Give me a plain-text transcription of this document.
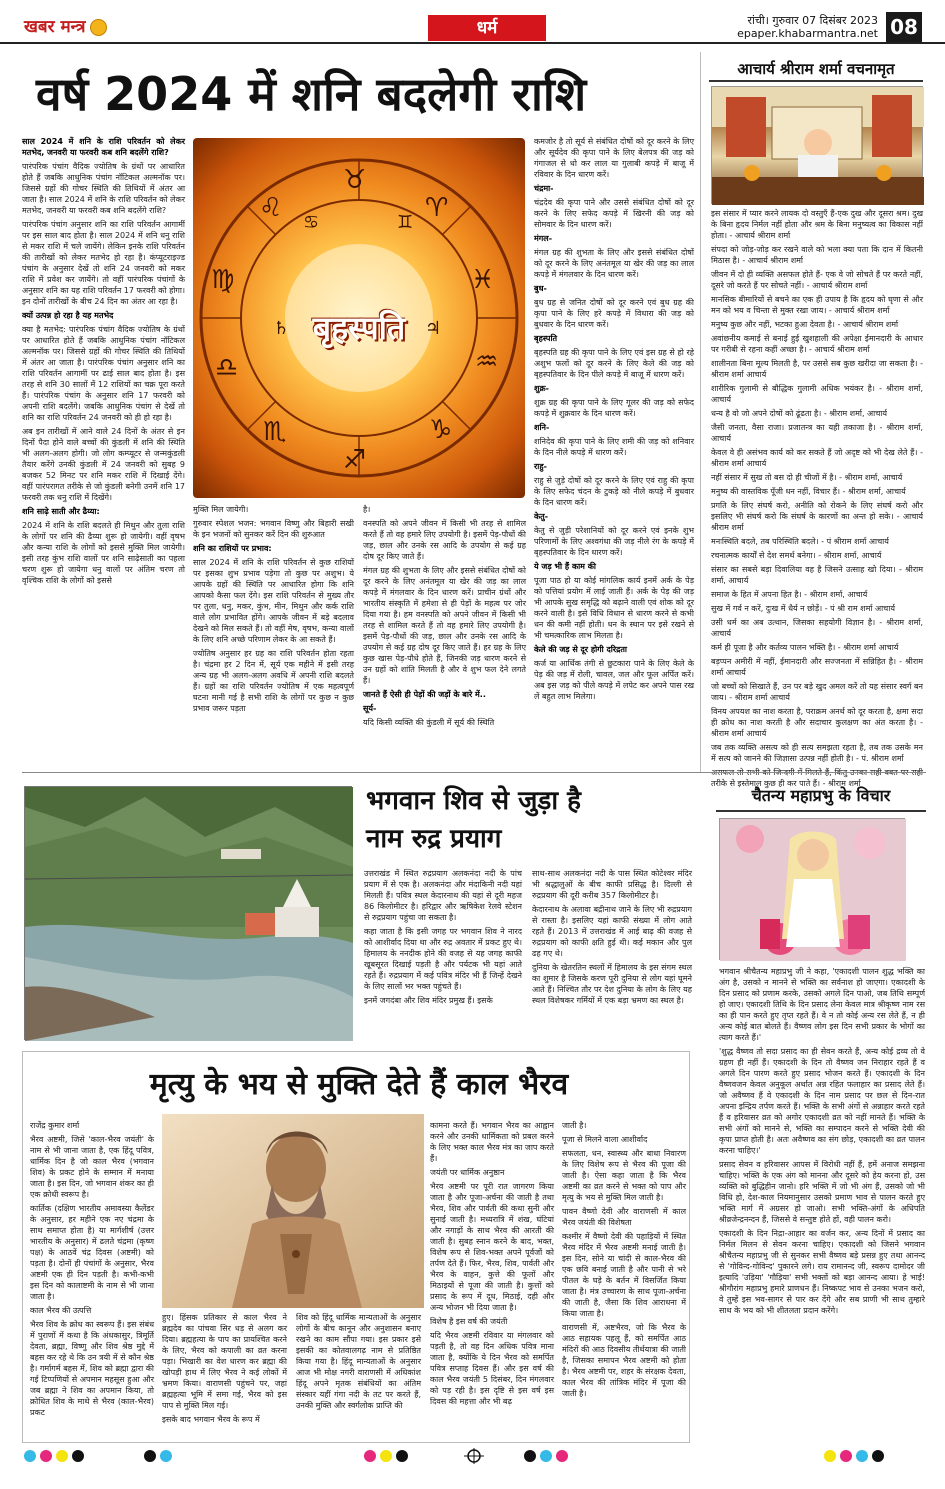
खबर मन्त्र	धर्म	रांची। गुरुवार 07 दिसंबर 2023
epaper.khabarmantra.net 08
वर्ष 2024 में शनि बदलेगी राशि

साल 2024 में शनि के राशि परिवर्तन को लेकर मतभेद, जनवरी या फरवरी कब शनि बदलेंगे राशि?

पारंपरिक पंचांग वैदिक ज्योतिष के ग्रंथों पर आधारित होते हैं जबकि आधुनिक पंचांग नॉटिकल अल्मनॉक पर। जिससे ग्रहों की गोचर स्थिति की तिथियों में अंतर आ जाता है। साल 2024 में शनि के राशि परिवर्तन को लेकर मतभेद, जनवरी या फरवरी कब शनि बदलेंगे राशि?

पारंपरिक पंचांग अनुसार शनि का राशि परिवर्तन आगामीं पर इस साल बाद होता है। साल 2024 में शनि धनु राशि से मकर राशि में चले जायेंगे। लेकिन इनके राशि परिवर्तन की तारीखों को लेकर मतभेद हो रहा है। कंप्यूटराइज्ड पंचांग के अनुसार देखें तो शनि 24 जनवरी को मकर राशि में प्रवेश कर जायेंगे। तो वहीं पारंपरिक पंचांगों के अनुसार शनि का यह राशि परिवर्तन 17 फरवरी को होगा। इन दोनों तारीखों के बीच 24 दिन का अंतर आ रहा है।

क्यों उत्पन्न हो रहा है यह मतभेद

क्या है मतभेद: पारंपरिक पंचांग वैदिक ज्योतिष के ग्रंथों पर आधारित होते हैं जबकि आधुनिक पंचांग नॉटिकल अल्मनॉक पर। जिससे ग्रहों की गोचर स्थिति की तिथियों में अंतर आ जाता है। पारंपरिक पंचांग अनुसार शनि का राशि परिवर्तन आगामीं पर ढाई साल बाद होता है। इस तरह से शनि 30 सालों में 12 राशियों का चक्र पूरा करते हैं। पारंपरिक पंचांग के अनुसार शनि 17 फरवरी को अपनी राशि बदलेंगे। जबकि आधुनिक पंचांग से देखें तो शनि का राशि परिवर्तन 24 जनवरी को ही हो रहा है।

अब इन तारीखों में आने वाले 24 दिनों के अंतर से इन दिनों पैदा होने वाले बच्चों की कुंडली में शनि की स्थिति भी अलग-अलग होगी। जो लोग कम्प्यूटर से जन्मकुंडली तैयार करेंगे उनकी कुंडली में 24 जनवरी को सुबह 9 बजकर 52 मिनट पर शनि मकर राशि में दिखाई देंगे। वहीं पारंपरागत तरीके से जो कुंडली बनेगी उनमें शनि 17 फरवरी तक धनु राशि में दिखेंगे।

शनि साढ़े साती और ढैय्या:

2024 में शनि के राशि बदलते ही मिथुन और तुला राशि के लोगों पर शनि की ढैय्या शुरू हो जायेगी। वहीं वृषभ और कन्या राशि के लोगों को इससे मुक्ति मिल जायेगी। इसी तरह कुंभ राशि वालों पर शनि साढ़ेसाती का पहला चरण शुरू हो जायेगा धनु वालों पर अंतिम चरण तो वृश्चिक राशि के लोगों को इससे

मुक्ति मिल जायेगी।

गुरुवार स्पेशल भजन: भगवान विष्णु और बिहारी सखी के इन भजनों को सुनकर करें दिन की शुरुआत

शनि का राशियों पर प्रभाव:

साल 2024 में शनि के राशि परिवर्तन से कुछ राशियों पर इसका शुभ प्रभाव पड़ेगा तो कुछ पर अशुभ। ये आपके ग्रहों की स्थिति पर आधारित होगा कि शनि आपको कैसा फल देंगे। इस राशि परिवर्तन से मुख्य तौर पर तुला, धनु, मकर, कुंभ, मीन, मिथुन और कर्क राशि वाले लोग प्रभावित होंगे। आपके जीवन में बड़े बदलाव देखने को मिल सकते हैं। तो वहीं मेष, वृषभ, कन्या वालों के लिए शनि अच्छे परिणाम लेकर के आ सकते हैं।

ज्योतिष अनुसार हर ग्रह का राशि परिवर्तन होता रहता है। चंद्रमा हर 2 दिन में, सूर्य एक महीने में इसी तरह अन्य ग्रह भी अलग-अलग अवधि में अपनी राशि बदलते हैं। ग्रहों का राशि परिवर्तन ज्योतिष में एक महत्वपूर्ण घटना मानी गई है सभी राशि के लोगों पर कुछ न कुछ प्रभाव जरूर पड़ता

है।

वनस्पति को अपने जीवन में किसी भी तरह से शामिल करते हैं तो वह हमारे लिए उपयोगी है। इसमें पेड़-पौधों की जड़, छाल और उनके रस आदि के उपयोग से कई ग्रह दोष दूर किए जाते हैं।

मंगल ग्रह की शुभता के लिए और इससे संबंधित दोषों को दूर करने के लिए अनंतमूल या खेर की जड़ का लाल कपड़े में मंगलवार के दिन धारण करें। प्राचीन ग्रंथों और भारतीय संस्कृति में हमेशा से ही पेड़ों के महत्व पर जोर दिया गया है। हम वनस्पति को अपने जीवन में किसी भी तरह से शामिल करते हैं तो वह हमारे लिए उपयोगी है। इसमें पेड़-पौधों की जड़, छाल और उनके रस आदि के उपयोग से कई ग्रह दोष दूर किए जाते हैं। हर ग्रह के लिए कुछ खास पेड़-पौधे होते हैं, जिनकी जड़ धारण करने से उन ग्रहों को शांति मिलती है और वे शुभ फल देने लगते हैं।

जानते हैं ऐसी ही पेड़ों की जड़ों के बारे में..

सूर्य-

यदि किसी व्यक्ति की कुंडली में सूर्य की स्थिति

कमजोर है तो सूर्य से संबंधित दोषों को दूर करने के लिए और सूर्यदेव की कृपा पाने के लिए बेलपत्र की जड़ को गंगाजल से धो कर लाल या गुलाबी कपड़े में बाजू में रविवार के दिन धारण करें।

चंद्रमा-

चंद्रदेव की कृपा पाने और उससे संबंधित दोषों को दूर करने के लिए सफेद कपड़े में खिरनी की जड़ को सोमवार के दिन धारण करें।

मंगल-

मंगल ग्रह की शुभता के लिए और इससे संबंधित दोषों को दूर करने के लिए अनंतमूल या खेर की जड़ का लाल कपड़े में मंगलवार के दिन धारण करें।

बुध-

बुध ग्रह से जनित दोषों को दूर करने एवं बुध ग्रह की कृपा पाने के लिए हरे कपड़े में विधारा की जड़ को बुधवार के दिन धारण करें।

बृहस्पति

बृहस्पति ग्रह की कृपा पाने के लिए एवं इस ग्रह से हो रहे अशुभ फलों को दूर करने के लिए केले की जड़ को बृहस्पतिवार के दिन पीले कपड़े में बाजू में धारण करें।

शुक्र-

शुक्र ग्रह की कृपा पाने के लिए गूलर की जड़ को सफेद कपड़े में शुक्रवार के दिन धारण करें।

शनि-

शनिदेव की कृपा पाने के लिए शमी की जड़ को शनिवार के दिन नीले कपड़े में धारण करें।

राहु-

राहु से जुड़े दोषों को दूर करने के लिए एवं राहु की कृपा के लिए सफेद चंदन के टुकड़े को नीले कपड़े में बुधवार के दिन धारण करें।

केतु-

केतु से जुड़ी परेशानियों को दूर करने एवं इनके शुभ परिणामों के लिए अश्वगंधा की जड़ नीले रंग के कपड़े में बृहस्पतिवार के दिन धारण करें।

ये जड़ भी हैं काम की

पूजा पाठ हो या कोई मांगलिक कार्य इनमें अर्क के पेड़ को पत्तियां प्रयोग में लाई जाती हैं। अर्क के पेड़ की जड़ भी आपके सुख समृद्धि को बढ़ाने वाली एवं शोक को दूर करने वाली है। इसे विधि विधान से धारण करने से कभी धन की कमी नहीं होती। धन के स्थान पर इसे रखने से भी चमत्कारिक लाभ मिलता है।

केले की जड़ से दूर होगी दरिद्रता

कर्ज या आर्थिक तंगी से छुटकारा पाने के लिए केले के पेड़ की जड़ में रोली, चावल, जल और फूल अर्पित करें। अब इस जड़ को पीले कपड़े में लपेट कर अपने पास रख लें बहुत लाभ मिलेगा।

♉
♈
♓
♒
♑
♐
♏
♎
♍
♌ ♋	♊
♃
♄ बृहस्पति
आचार्य श्रीराम शर्मा वचनामृत

इस संसार में प्यार करने लायक दो वस्तुएँ हैं-एक दुख और दूसरा श्रम। दुख के बिना हृदय निर्मल नहीं होता और श्रम के बिना मनुष्यत्व का विकास नहीं होता। - आचार्य श्रीराम शर्मा

संपदा को जोड़-जोड़ कर रखने वाले को भला क्या पता कि दान में कितनी मिठास है। - आचार्य श्रीराम शर्मा

जीवन में दो ही व्यक्ति असफल होते हैं- एक वे जो सोचते हैं पर करते नहीं, दूसरे जो करते हैं पर सोचते नहीं। - आचार्य श्रीराम शर्मा

मानसिक बीमारियों से बचने का एक ही उपाय है कि हृदय को घृणा से और मन को भय व चिन्ता से मुक्त रखा जाय। - आचार्य श्रीराम शर्मा

मनुष्य कुछ और नहीं, भटका हुआ देवता है। - आचार्य श्रीराम शर्मा

अवांछनीय कमाई से बनाई हुई खुशहाली की अपेक्षा ईमानदारी के आधार पर गरीबी से रहना कहीं अच्छा है। - आचार्य श्रीराम शर्मा

शालीनता बिना मूल्य मिलती है, पर उससे सब कुछ खरीदा जा सकता है। - श्रीराम शर्मा आचार्य

शारीरिक गुलामी से बौद्धिक गुलामी अधिक भयंकर है। - श्रीराम शर्मा, आचार्य

धन्य है वो जो अपने दोषों को ढूंढता है। - श्रीराम शर्मा, आचार्य

जैसी जनता, वैसा राजा। प्रजातन्त्र का यही तकाजा है। - श्रीराम शर्मा, आचार्य

केवल वे ही असंभव कार्य को कर सकते हैं जो अदृष्ट को भी देख लेते हैं। - श्रीराम शर्मा आचार्य

नहीं संसार में सुख तो बस दो ही चीजों में है। - श्रीराम शर्मा, आचार्य

मनुष्य की वास्तविक पूँजी धन नहीं, विचार हैं। - श्रीराम शर्मा, आचार्य

प्रगति के लिए संघर्ष करो, अनीति को रोकने के लिए संघर्ष करो और इसलिए भी संघर्ष करो कि संघर्ष के कारणों का अन्त हो सके। - आचार्य श्रीराम शर्मा

मनःस्थिति बदले, तब परिस्थिति बदले। - पं श्रीराम शर्मा आचार्य

रचनात्मक कार्यों से देश समर्थ बनेगा। - श्रीराम शर्मा, आचार्य

संसार का सबसे बड़ा दिवालिया वह है जिसने उत्साह खो दिया। - श्रीराम शर्मा, आचार्य

समाज के हित में अपना हित है। - श्रीराम शर्मा, आचार्य

सुख में गर्व न करें, दुःख में धैर्य न छोड़ें। - पं श्री राम शर्मा आचार्य

उसी धर्म का अब उत्थान, जिसका सहयोगी विज्ञान है। - श्रीराम शर्मा, आचार्य

कर्म ही पूजा है और कर्तव्य पालन भक्ति है। - श्रीराम शर्मा आचार्य

बड़प्पन अमीरी में नहीं, ईमानदारी और सज्जनता में सन्निहित है। - श्रीराम शर्मा आचार्य

जो बच्चों को सिखाते हैं, उन पर बड़े खुद अमल करें तो यह संसार स्वर्ग बन जाय। - श्रीराम शर्मा आचार्य

विनय अपयश का नाश करता है, पराक्रम अनर्थ को दूर करता है, क्षमा सदा ही क्रोध का नाश करती है और सदाचार कुलक्षण का अंत करता है। - श्रीराम शर्मा आचार्य

जब तक व्यक्ति असत्य को ही सत्य समझता रहता है, तब तक उसके मन में सत्य को जानने की जिज्ञासा उत्पन्न नहीं होती है। - पं. श्रीराम शर्मा

तरीके से इस्तेमाल कुछ ही कर पाते हैं। - श्रीराम शर्मा

भगवान शिव से जुड़ा है
नाम रुद्र प्रयाग

उत्तराखंड में स्थित रुद्रप्रयाग अलकनंदा नदी के पांच प्रयाग में से एक है। अलकनंदा और मंदाकिनी नदी यहां मिलती हैं। पवित्र स्थल केदारनाथ की यहां से दूरी महज 86 किलोमीटर है। हरिद्वार और ऋषिकेश रेलवे स्टेशन से रुद्रप्रयाग पहुंचा जा सकता है।

कहा जाता है कि इसी जगह पर भगवान शिव ने नारद को आशीर्वाद दिया था और रुद्र अवतार में प्रकट हुए थे। हिमालय के ननदीक होने की वजह से यह जगह काफी खूबसूरत दिखाई पड़ती है और पर्यटक भी यहां आते रहते हैं। रुद्रप्रयाग में कई पवित्र मंदिर भी हैं जिन्हें देखने के लिए सालों भर भक्त पहुंचते हैं।

इनमें जगदंबा और शिव मंदिर प्रमुख हैं। इसके

साथ-साथ अलकनंदा नदी के पास स्थित कोटेश्वर मंदिर भी श्रद्धालुओं के बीच काफी प्रसिद्ध है। दिल्ली से रुद्रप्रयाग की दूरी करीब 357 किलोमीटर है।

केदारनाथ के अलावा बद्रीनाथ जाने के लिए भी रुद्रप्रयाग से रास्ता है। इसलिए यहां काफी संख्या में लोग आते रहते हैं। 2013 में उत्तराखंड में आई बाढ़ की वजह से रुद्रप्रयाग को काफी क्षति हुई थी। कई मकान और पुल ढह गए थे।

दुनिया के खेतरतिन स्थलों में हिमालय के इस संगम स्थल का शुमार है जिसके करण पूरी दुनिया से लोग यहां घूमने आते हैं। निश्चित तौर पर देश दुनिया के लोग के लिए यह स्थल विशेषकर गर्मियों में एक बड़ा भ्रमण का स्थल है।

चैतन्य महाप्रभु के विचार

भगवान श्रीचैतन्य महाप्रभु जी ने कहा, 'एकादशी पालन शुद्ध भक्ति का अंग है, उसको न मानने से भक्ति का सर्वनाश हो जाएगा। एकादशी के दिन प्रसाद को प्रणाम करके, उसको अगले दिन पाओ, जब तिथि सम्पूर्ण हो जाए। एकादशी तिथि के दिन प्रसाद लेना केवल मात्र श्रीकृष्ण नाम रस का ही पान करते हुए तृप्त रहते हैं। वे न तो कोई अन्य रस लेते हैं, न ही अन्य कोई बात बोलते हैं। वैष्णव लोग इस दिन सभी प्रकार के भोगों का त्याग करते हैं।'

'शुद्ध वैष्णव तो सदा प्रसाद का ही सेवन करते हैं, अन्य कोई द्रव्य तो वे ग्रहण ही नहीं हैं। एकादशी के दिन तो वैष्णव जन निराहार रहते हैं व अगले दिन पारण करते हुए प्रसाद भोजन करते हैं। एकादशी के दिन वैष्णवजन केवल अनुकूल अर्थात अन्न रहित फलाहार का प्रसाद लेते हैं। जो अवैष्णव हैं वे एकादशी के दिन नाम प्रसाद पर छल से दिन-रात अपना इन्द्रिय तर्पण करते हैं। भक्ति के सभी अंगों से अन्नाहार करते रहते हैं व हरिवासर व्रत को अगोर एकादशी व्रत को नहीं मानते हैं। भक्ति के सभी अंगों को मानने से, भक्ति का सम्पादन करने से भक्ति देवी की कृपा प्राप्त होती है। अतः अवैष्णव का संग छोड़, एकादशी का व्रत पालन करना चाहिए।'

प्रसाद सेवन व हरिवासर आपस में विरोधी नहीं हैं, हमें अनाज समझना चाहिए। भक्ति के एक अंग को मानना और दूसरे को हेय करना हो, उस व्यक्ति को बुद्धिहीन जानो। हरि भक्ति में जो भी अंग हैं, उसको जो भी विधि हो, देश-काल नियमानुसार उसको प्रमाण भाव से पालन करते हुए भक्ति मार्ग में अग्रसर हो जाओ। सभी भक्ति-अंगों के अधिपति श्रीव्रजेन्द्रनन्दन हैं, जिससे वे सन्तुष्ट होते हों, वही पालन करो।

एकादशी के दिन निद्रा-आहार का वर्जन कर, अन्य दिनों में प्रसाद का निर्मल मिलन से सेवन करना चाहिए। एकादशी को जिसने भगवान श्रीचैतन्य महाप्रभु जी से सुनकर सभी वैष्णव बड़े प्रसन्न हुए तथा आनन्द से 'गोविन्द-गोविन्द' पुकारने लगे। राय रामानन्द जी, स्वरूप दामोदर जी इत्यादि 'उड़िया' 'गौड़िया' सभी भक्तों को बड़ा आनन्द आया। हे भाई! श्रीगौरांग महाप्रभु हमारे प्राणधन हैं। निष्कपट भाव से उनका भजन करो, वे तुम्हें इस भव-सागर से पार कर देंगे और सब प्राणी भी साथ तुम्हारे साथ के भय को भी शीतलता प्रदान करेंगे।

मृत्यु के भय से मुक्ति देते हैं काल भैरव

राजेंद्र कुमार शर्मा

भैरव अष्टमी, जिसे 'काल-भैरव जयंती' के नाम से भी जाना जाता है, एक हिंदू पवित्र, धार्मिक दिन है जो काल भैरव (भगवान शिव) के प्रकट होने के सम्मान में मनाया जाता है। इस दिन, जो भगवान शंकर का ही एक क्रोधी स्वरूप है।

कार्तिक (दक्षिण भारतीय अमावस्या कैलेंडर के अनुसार, हर महीने एक नए चंद्रमा के साथ समाप्त होता है) या मार्गशीर्ष (उत्तर भारतीय के अनुसार) में ढलते चंद्रमा (कृष्ण पक्ष) के आठवें चंद्र दिवस (अष्टमी) को पड़ता है। दोनों ही पंचांगों के अनुसार, भैरव अष्टमी एक ही दिन पड़ती है। कभी-कभी इस दिन को कालाष्टमी के नाम से भी जाना जाता है।

काल भैरव की उत्पत्ति

भैरव शिव के क्रोध का स्वरूप हैं। इस संबंध में पुराणों में कथा है कि अंधकासुर, त्रिमूर्ति देवता, ब्रह्मा, विष्णु और शिव श्रेष्ठ मुद्दे में बहस कर रहे थे कि उन त्रयी में से कौन श्रेष्ठ है। गर्मागर्म बहस में, शिव को ब्रह्मा द्वारा की गई टिप्पणियों से अपमान महसूस हुआ और जब ब्रह्मा ने शिव का अपमान किया, तो क्रोधित शिव के माथे से भैरव (काल-भैरव) प्रकट

हुए। हिंसक प्रतिकार से काल भैरव ने ब्रह्मदेव का पांचवा सिर धड़ से अलग कर दिया। ब्रह्महत्या के पाप का प्रायश्चित करने के लिए, भैरव को कपाली का व्रत करना पड़ा। भिखारी का वेश धारण कर ब्रह्मा की खोपड़ी हाथ में लिए भैरव ने कई लोकों में भ्रमण किया। वाराणसी पहुंचने पर, जहां ब्रह्महत्या भूमि में समा गई, भैरव को इस पाप से मुक्ति मिल गई।

इसके बाद भगवान भैरव के रूप में

शिव को हिंदू धार्मिक मान्यताओं के अनुसार लोगों के बीच कानून और अनुशासन बनाए रखने का काम सौंपा गया। इस प्रकार इसे इसकी का कोतवालगढ़ नाम से प्रतिष्ठित किया गया है। हिंदू मान्यताओं के अनुसार आज भी मोक्ष नगरी वाराणसी में अधिकांश हिंदू अपने मृतक संबंधियों का अंतिम संस्कार यहीं गंगा नदी के तट पर करते हैं, उनकी मुक्ति और स्वर्गलोक प्राप्ति की

कामना करते हैं। भगवान भैरव का आह्वान करने और उनकी धार्मिकता को प्रबल करने के लिए भक्त काल भैरव मंत्र का जाप करते हैं।

जयंती पर धार्मिक अनुष्ठान

भैरव अष्टमी पर पूरी रात जागरण किया जाता है और पूजा-अर्चना की जाती है तथा भैरव, शिव और पार्वती की कथा सुनी और सुनाई जाती है। मध्यरात्रि में शंख, घंटियां और नगाड़ों के साथ भैरव की आरती की जाती है। सुबह स्नान करने के बाद, भक्त, विशेष रूप से शिव-भक्त अपने पूर्वजों को तर्पण देते हैं। फिर, भैरव, शिव, पार्वती और भैरव के वाहन, कुत्ते की फूलों और मिठाइयों से पूजा की जाती है। कुत्तों को प्रसाद के रूप में दूध, मिठाई, दही और अन्य भोजन भी दिया जाता है।

विशेष है इस वर्ष की जयंती

यदि भैरव अष्टमी रविवार या मंगलवार को पड़ती है, तो वह दिन अधिक पवित्र माना जाता है, क्योंकि ये दिन भैरव को समर्पित पवित्र सप्ताह दिवस हैं। और इस वर्ष की काल भैरव जयंती 5 दिसंबर, दिन मंगलवार को पड़ रही है। इस दृष्टि से इस वर्ष इस दिवस की महत्ता और भी बढ़

जाती है।

पूजा से मिलने वाला आशीर्वाद

सफलता, धन, स्वास्थ्य और बाधा निवारण के लिए विशेष रूप से भैरव की पूजा की जाती है। ऐसा कहा जाता है कि भैरव अष्टमी का व्रत करने से भक्त को पाप और मृत्यु के भय से मुक्ति मिल जाती है।

पावन वैष्णो देवी और वाराणसी में काल भैरव जयंती की विशेषता

कश्मीर में वैष्णो देवी की पहाड़ियों में स्थित भैरव मंदिर में भैरव अष्टमी मनाई जाती है। इस दिन, सोने या चांदी से काल-भैरव की एक छवि बनाई जाती है और पानी से भरे पीतल के घड़े के बर्तन में विसर्जित किया जाता है। मंत्र उच्चारण के साथ पूजा-अर्चना की जाती है, जैसा कि शिव आराधना में किया जाता है।

वाराणसी में, अष्टभैरव, जो कि भैरव के आठ सहायक पहलू हैं, को समर्पित आठ मंदिरों की आठ दिवसीय तीर्थयात्रा की जाती है, जिसका समापन भैरव अष्टमी को होता है। भैरव अष्टमी पर, शहर के संरक्षक देवता, काल भैरव की तांत्रिक मंदिर में पूजा की जाती है।
